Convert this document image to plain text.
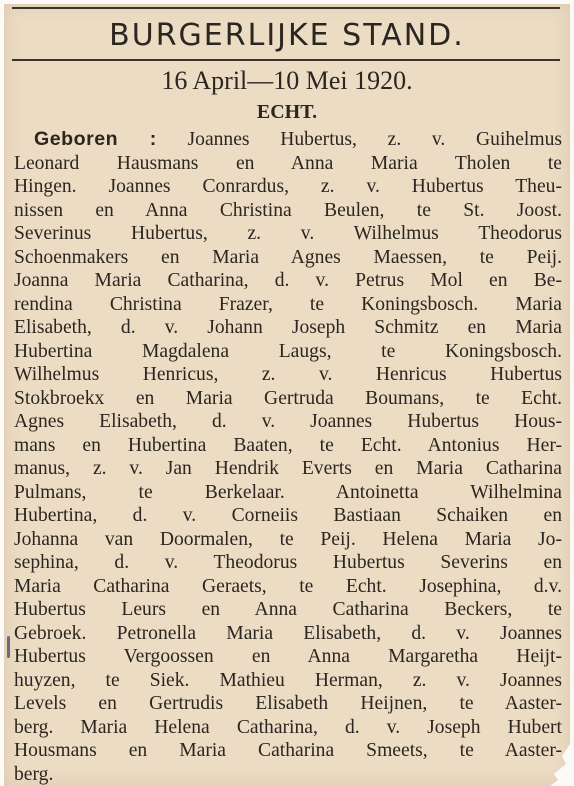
BURGERLIJKE STAND.
16 April—10 Mei 1920.
ECHT.
Geboren : Joannes Hubertus, z. v. Guihelmus
Leonard Hausmans en Anna Maria Tholen te
Hingen. Joannes Conrardus, z. v. Hubertus Theu-
nissen en Anna Christina Beulen, te St. Joost.
Severinus Hubertus, z. v. Wilhelmus Theodorus
Schoenmakers en Maria Agnes Maessen, te Peij.
Joanna Maria Catharina, d. v. Petrus Mol en Be-
rendina Christina Frazer, te Koningsbosch. Maria
Elisabeth, d. v. Johann Joseph Schmitz en Maria
Hubertina Magdalena Laugs, te Koningsbosch.
Wilhelmus Henricus, z. v. Henricus Hubertus
Stokbroekx en Maria Gertruda Boumans, te Echt.
Agnes Elisabeth, d. v. Joannes Hubertus Hous-
mans en Hubertina Baaten, te Echt. Antonius Her-
manus, z. v. Jan Hendrik Everts en Maria Catharina
Pulmans, te Berkelaar. Antoinetta Wilhelmina
Hubertina, d. v. Corneiis Bastiaan Schaiken en
Johanna van Doormalen, te Peij. Helena Maria Jo-
sephina, d. v. Theodorus Hubertus Severins en
Maria Catharina Geraets, te Echt. Josephina, d.v.
Hubertus Leurs en Anna Catharina Beckers, te
Gebroek. Petronella Maria Elisabeth, d. v. Joannes
Hubertus Vergoossen en Anna Margaretha Heijt-
huyzen, te Siek. Mathieu Herman, z. v. Joannes
Levels en Gertrudis Elisabeth Heijnen, te Aaster-
berg. Maria Helena Catharina, d. v. Joseph Hubert
Housmans en Maria Catharina Smeets, te Aaster-
berg.
